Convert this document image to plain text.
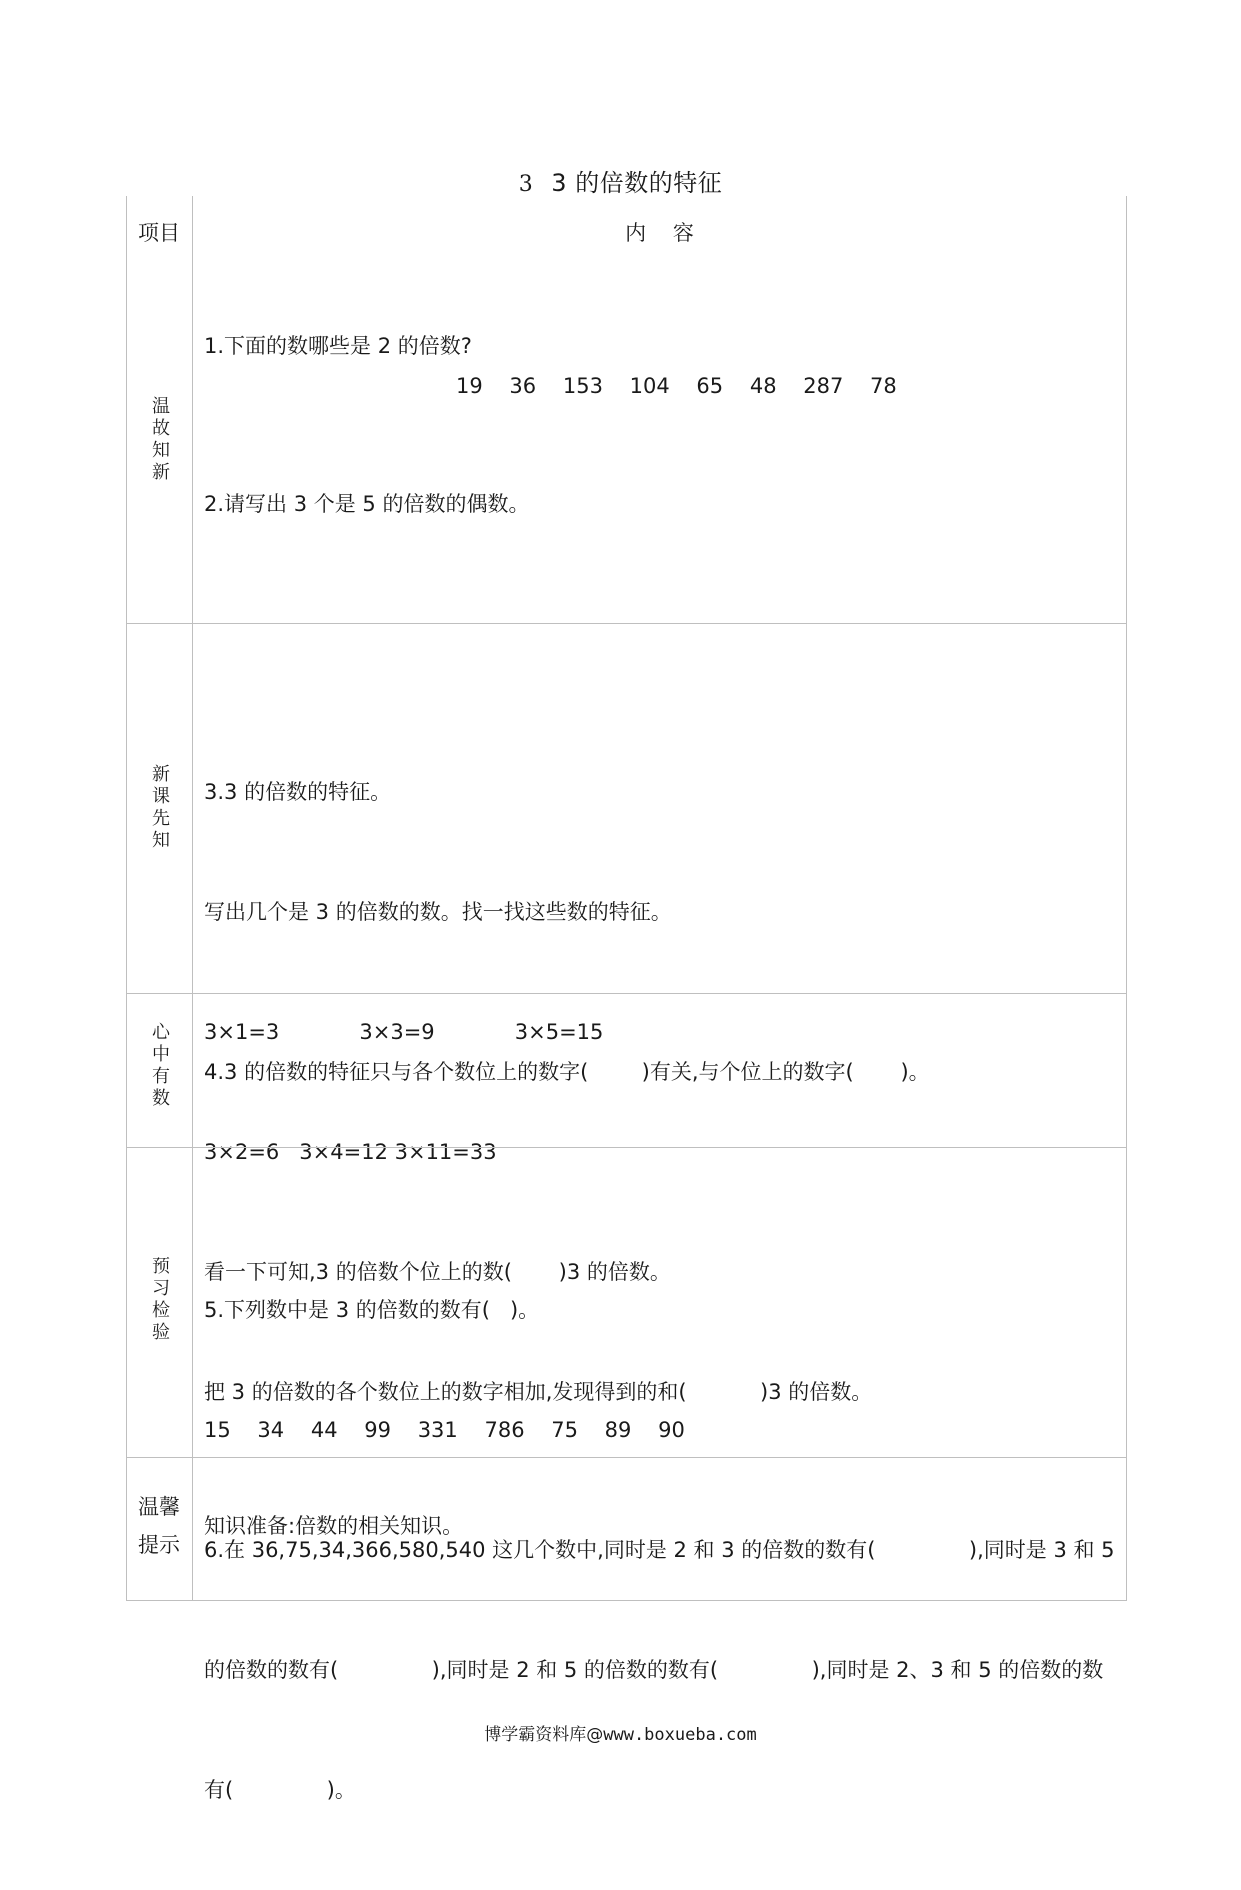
3 3 的倍数的特征
项目	内    容
温故知新
1.下面的数哪些是 2 的倍数?
19    36    153    104    65    48    287    78
2.请写出 3 个是 5 的倍数的偶数。
新课先知

3.3 的倍数的特征。

写出几个是 3 的倍数的数。找一找这些数的特征。

3×1=3            3×3=9            3×5=15

3×2=6   3×4=12 3×11=33

看一下可知,3 的倍数个位上的数(       )3 的倍数。

把 3 的倍数的各个数位上的数字相加,发现得到的和(           )3 的倍数。

心中有数 4.3 的倍数的特征只与各个数位上的数字(        )有关,与个位上的数字(       )。
预习检验

5.下列数中是 3 的倍数的数有(   )。

15    34    44    99    331    786    75    89    90

6.在 36,75,34,366,580,540 这几个数中,同时是 2 和 3 的倍数的数有(              ),同时是 3 和 5

的倍数的数有(              ),同时是 2 和 5 的倍数的数有(              ),同时是 2、3 和 5 的倍数的数

有(              )。

温馨
提示
知识准备:倍数的相关知识。
博学霸资料库@www.boxueba.com
